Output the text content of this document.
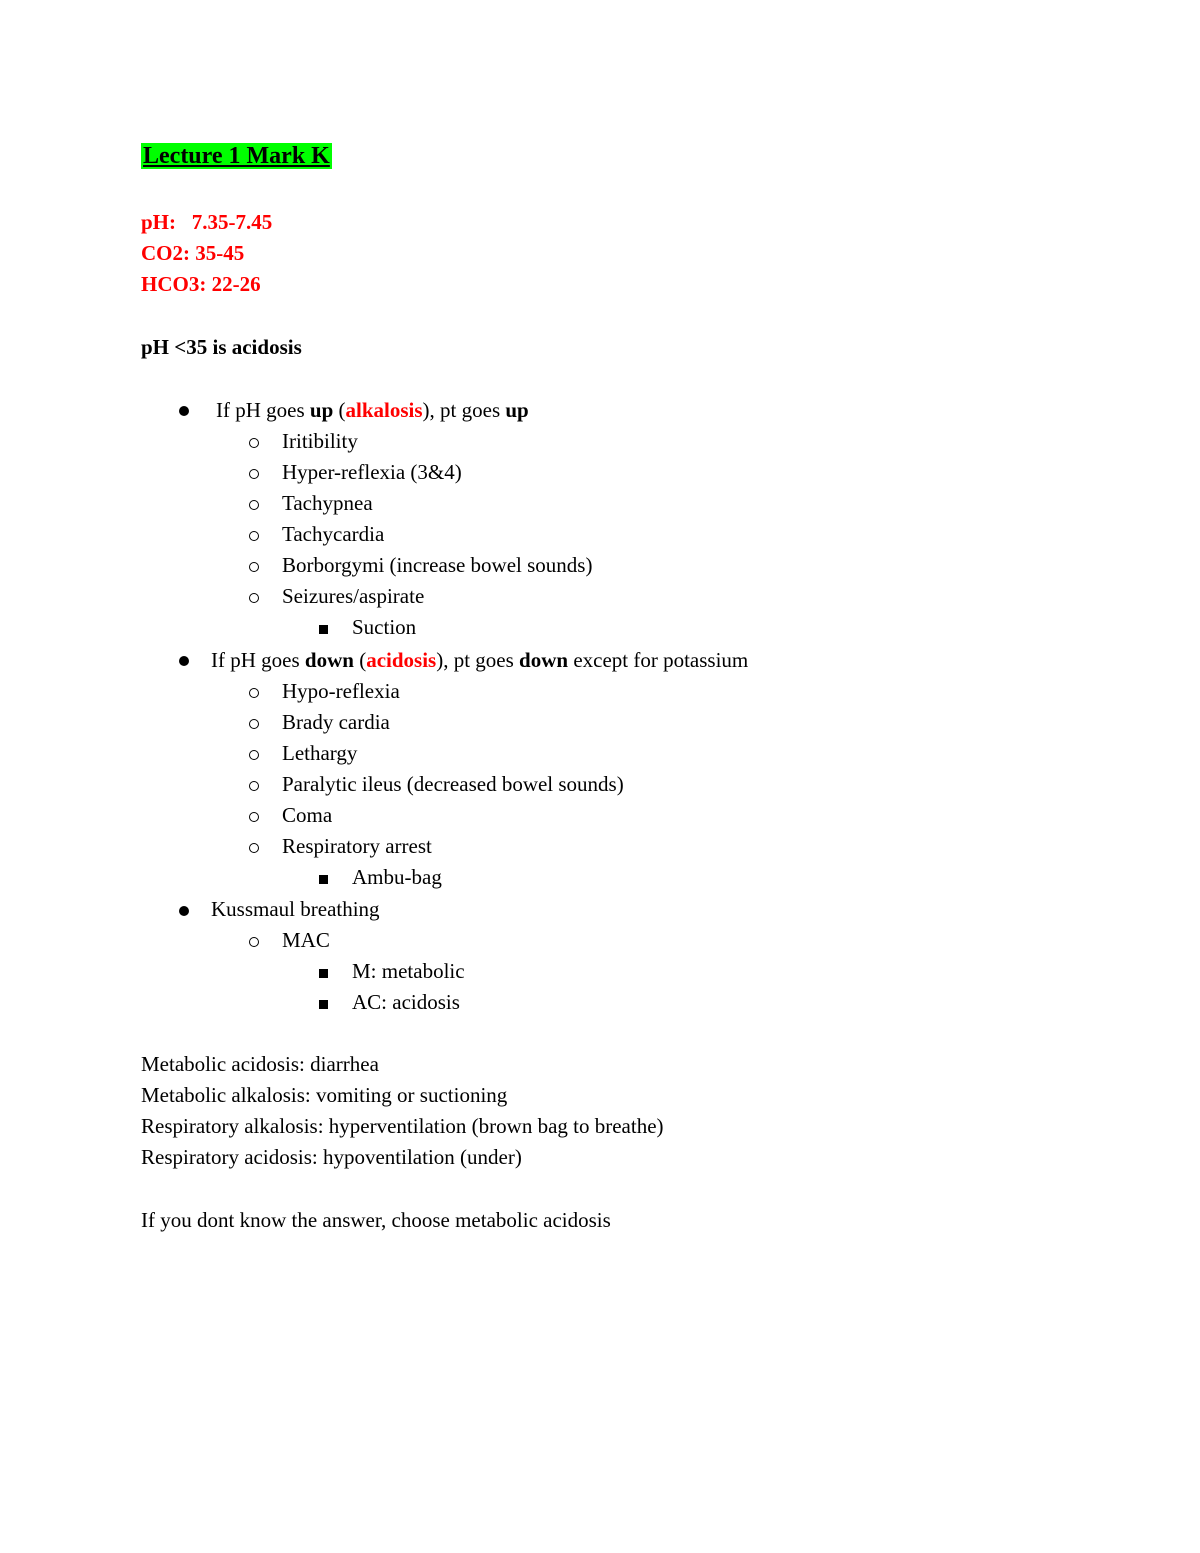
Lecture 1 Mark K
pH:   7.35-7.45
CO2: 35-45
HCO3: 22-26
pH <35 is acidosis
If pH goes up (alkalosis), pt goes up
Iritibility
Hyper-reflexia (3&4)
Tachypnea
Tachycardia
Borborgymi (increase bowel sounds)
Seizures/aspirate
Suction
If pH goes down (acidosis), pt goes down except for potassium
Hypo-reflexia
Brady cardia
Lethargy
Paralytic ileus (decreased bowel sounds)
Coma
Respiratory arrest
Ambu-bag
Kussmaul breathing
MAC
M: metabolic
AC: acidosis
Metabolic acidosis: diarrhea
Metabolic alkalosis: vomiting or suctioning
Respiratory alkalosis: hyperventilation (brown bag to breathe)
Respiratory acidosis: hypoventilation (under)
If you dont know the answer, choose metabolic acidosis
